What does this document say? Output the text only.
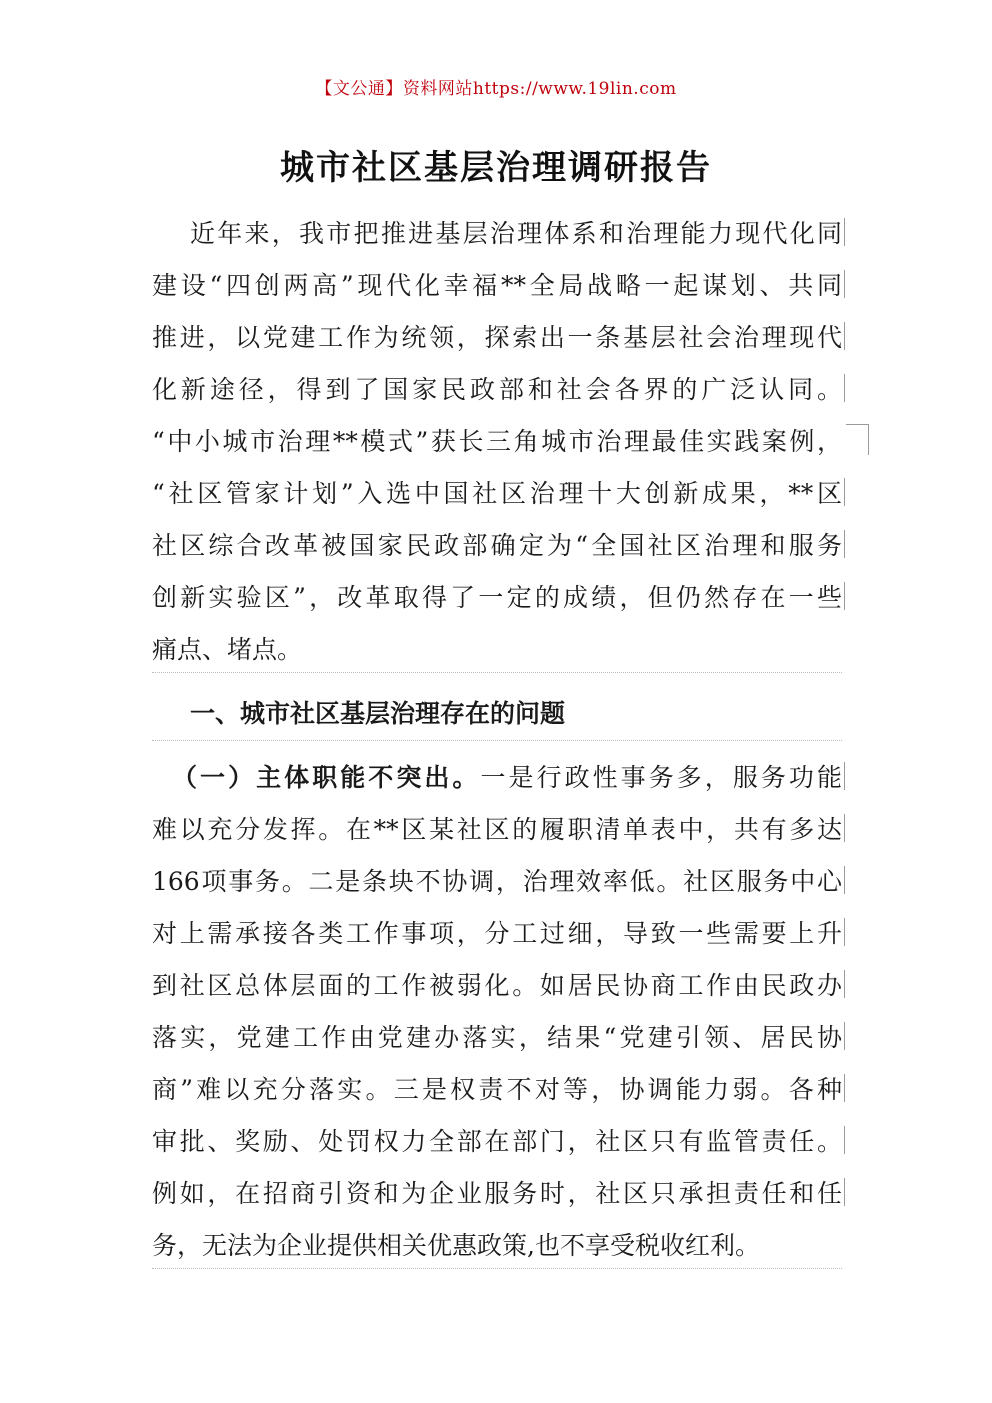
【文公通】资料网站https://www.19lin.com
城市社区基层治理调研报告
近年来，我市把推进基层治理体系和治理能力现代化同
建设“四创两高”现代化幸福**全局战略一起谋划、共同
推进，以党建工作为统领，探索出一条基层社会治理现代
化新途径，得到了国家民政部和社会各界的广泛认同。
“中小城市治理**模式”获长三角城市治理最佳实践案例，
“社区管家计划”入选中国社区治理十大创新成果，**区
社区综合改革被国家民政部确定为“全国社区治理和服务
创新实验区”，改革取得了一定的成绩，但仍然存在一些
痛点、堵点。
一、城市社区基层治理存在的问题
（一）主体职能不突出。一是行政性事务多，服务功能
难以充分发挥。在**区某社区的履职清单表中，共有多达
166项事务。二是条块不协调，治理效率低。社区服务中心
对上需承接各类工作事项，分工过细，导致一些需要上升
到社区总体层面的工作被弱化。如居民协商工作由民政办
落实，党建工作由党建办落实，结果“党建引领、居民协
商”难以充分落实。三是权责不对等，协调能力弱。各种
审批、奖励、处罚权力全部在部门，社区只有监管责任。
例如，在招商引资和为企业服务时，社区只承担责任和任
务，无法为企业提供相关优惠政策,也不享受税收红利。
